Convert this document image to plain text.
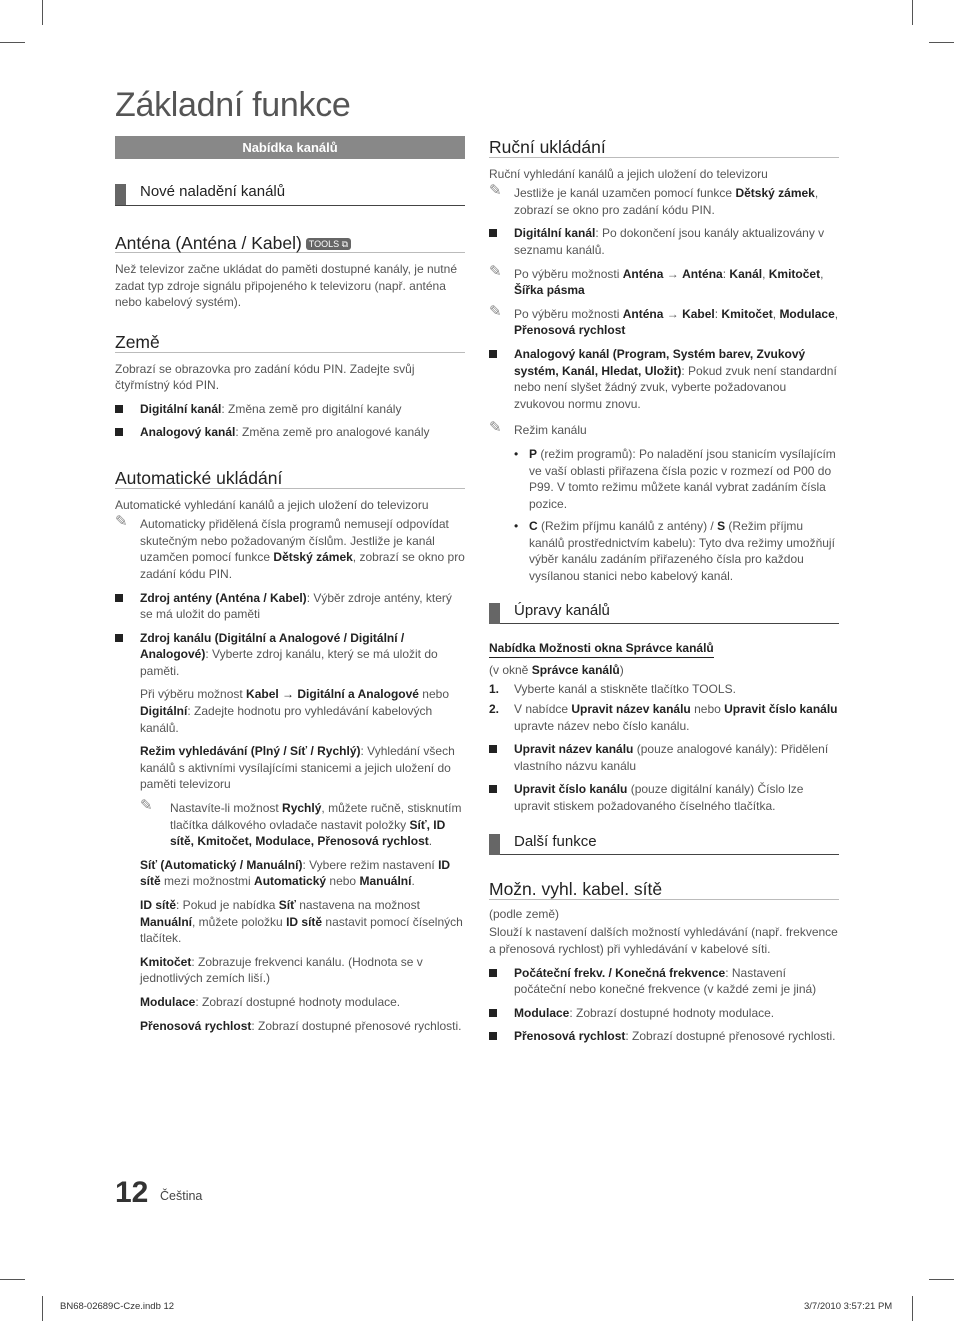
Základní funkce
Nabídka kanálů
Nové naladění kanálů
Anténa (Anténa / Kabel) TOOLS ⧉

Než televizor začne ukládat do paměti dostupné kanály, je nutné zadat typ zdroje signálu připojeného k televizoru (např. anténa nebo kabelový systém).

Země

Zobrazí se obrazovka pro zadání kódu PIN. Zadejte svůj čtyřmístný kód PIN.

Digitální kanál: Změna země pro digitální kanály
Analogový kanál: Změna země pro analogové kanály
Automatické ukládání

Automatické vyhledání kanálů a jejich uložení do televizoru

✎ Automaticky přidělená čísla programů nemusejí odpovídat skutečným nebo požadovaným číslům. Jestliže je kanál uzamčen pomocí funkce Dětský zámek, zobrazí se okno pro zadání kódu PIN.
Zdroj antény (Anténa / Kabel): Výběr zdroje antény, který se má uložit do paměti
Zdroj kanálu (Digitální a Analogové / Digitální / Analogové): Vyberte zdroj kanálu, který se má uložit do paměti.

Při výběru možnost Kabel → Digitální a Analogové nebo Digitální: Zadejte hodnotu pro vyhledávání kabelových kanálů.

Režim vyhledávání (Plný / Síť / Rychlý): Vyhledání všech kanálů s aktivními vysílajícími stanicemi a jejich uložení do paměti televizoru

✎ Nastavíte-li možnost Rychlý, můžete ručně, stisknutím tlačítka dálkového ovladače nastavit položky Síť, ID sítě, Kmitočet, Modulace, Přenosová rychlost.

Síť (Automatický / Manuální): Vybere režim nastavení ID sítě mezi možnostmi Automatický nebo Manuální.

ID sítě: Pokud je nabídka Síť nastavena na možnost Manuální, můžete položku ID sítě nastavit pomocí číselných tlačítek.

Kmitočet: Zobrazuje frekvenci kanálu. (Hodnota se v jednotlivých zemích liší.)

Modulace: Zobrazí dostupné hodnoty modulace.

Přenosová rychlost: Zobrazí dostupné přenosové rychlosti.

Ruční ukládání

Ruční vyhledání kanálů a jejich uložení do televizoru

✎ Jestliže je kanál uzamčen pomocí funkce Dětský zámek, zobrazí se okno pro zadání kódu PIN.
Digitální kanál: Po dokončení jsou kanály aktualizovány v seznamu kanálů.
✎ Po výběru možnosti Anténa → Anténa: Kanál, Kmitočet, Šířka pásma
✎ Po výběru možnosti Anténa → Kabel: Kmitočet, Modulace, Přenosová rychlost
Analogový kanál (Program, Systém barev, Zvukový systém, Kanál, Hledat, Uložit): Pokud zvuk není standardní nebo není slyšet žádný zvuk, vyberte požadovanou zvukovou normu znovu.
✎ Režim kanálu
• P (režim programů): Po naladění jsou stanicím vysílajícím ve vaší oblasti přiřazena čísla pozic v rozmezí od P00 do P99. V tomto režimu můžete kanál vybrat zadáním čísla pozice.
• C (Režim příjmu kanálů z antény) / S (Režim příjmu kanálů prostřednictvím kabelu): Tyto dva režimy umožňují výběr kanálu zadáním přiřazeného čísla pro každou vysílanou stanici nebo kabelový kanál.
Úpravy kanálů
Nabídka Možnosti okna Správce kanálů

(v okně Správce kanálů)

1. Vyberte kanál a stiskněte tlačítko TOOLS.
2. V nabídce Upravit název kanálu nebo Upravit číslo kanálu upravte název nebo číslo kanálu.
Upravit název kanálu (pouze analogové kanály): Přidělení vlastního názvu kanálu
Upravit číslo kanálu (pouze digitální kanály) Číslo lze upravit stiskem požadovaného číselného tlačítka.
Další funkce
Možn. vyhl. kabel. sítě

(podle země)

Slouží k nastavení dalších možností vyhledávání (např. frekvence a přenosová rychlost) při vyhledávání v kabelové síti.

Počáteční frekv. / Konečná frekvence: Nastavení počáteční nebo konečné frekvence (v každé zemi je jiná)
Modulace: Zobrazí dostupné hodnoty modulace.
Přenosová rychlost: Zobrazí dostupné přenosové rychlosti.
12 Čeština
BN68-02689C-Cze.indb 12	3/7/2010 3:57:21 PM
